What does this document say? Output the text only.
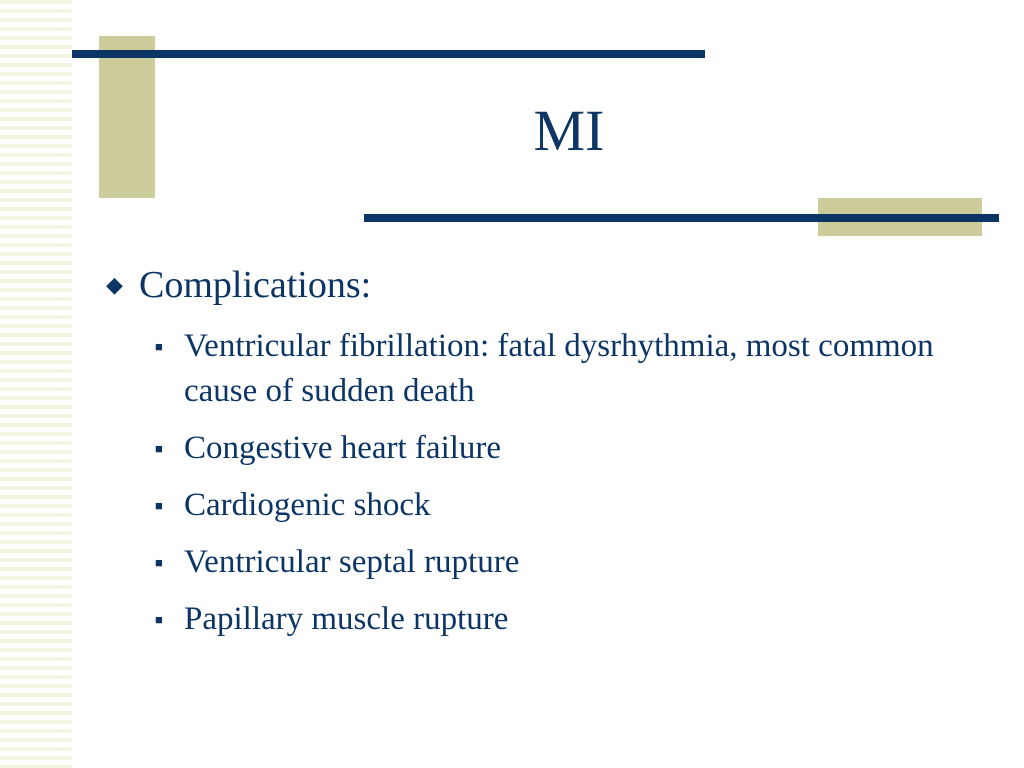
MI
◆ Complications:
■ Ventricular fibrillation: fatal dysrhythmia, most common cause of sudden death
■ Congestive heart failure
■ Cardiogenic shock
■ Ventricular septal rupture
■ Papillary muscle rupture
